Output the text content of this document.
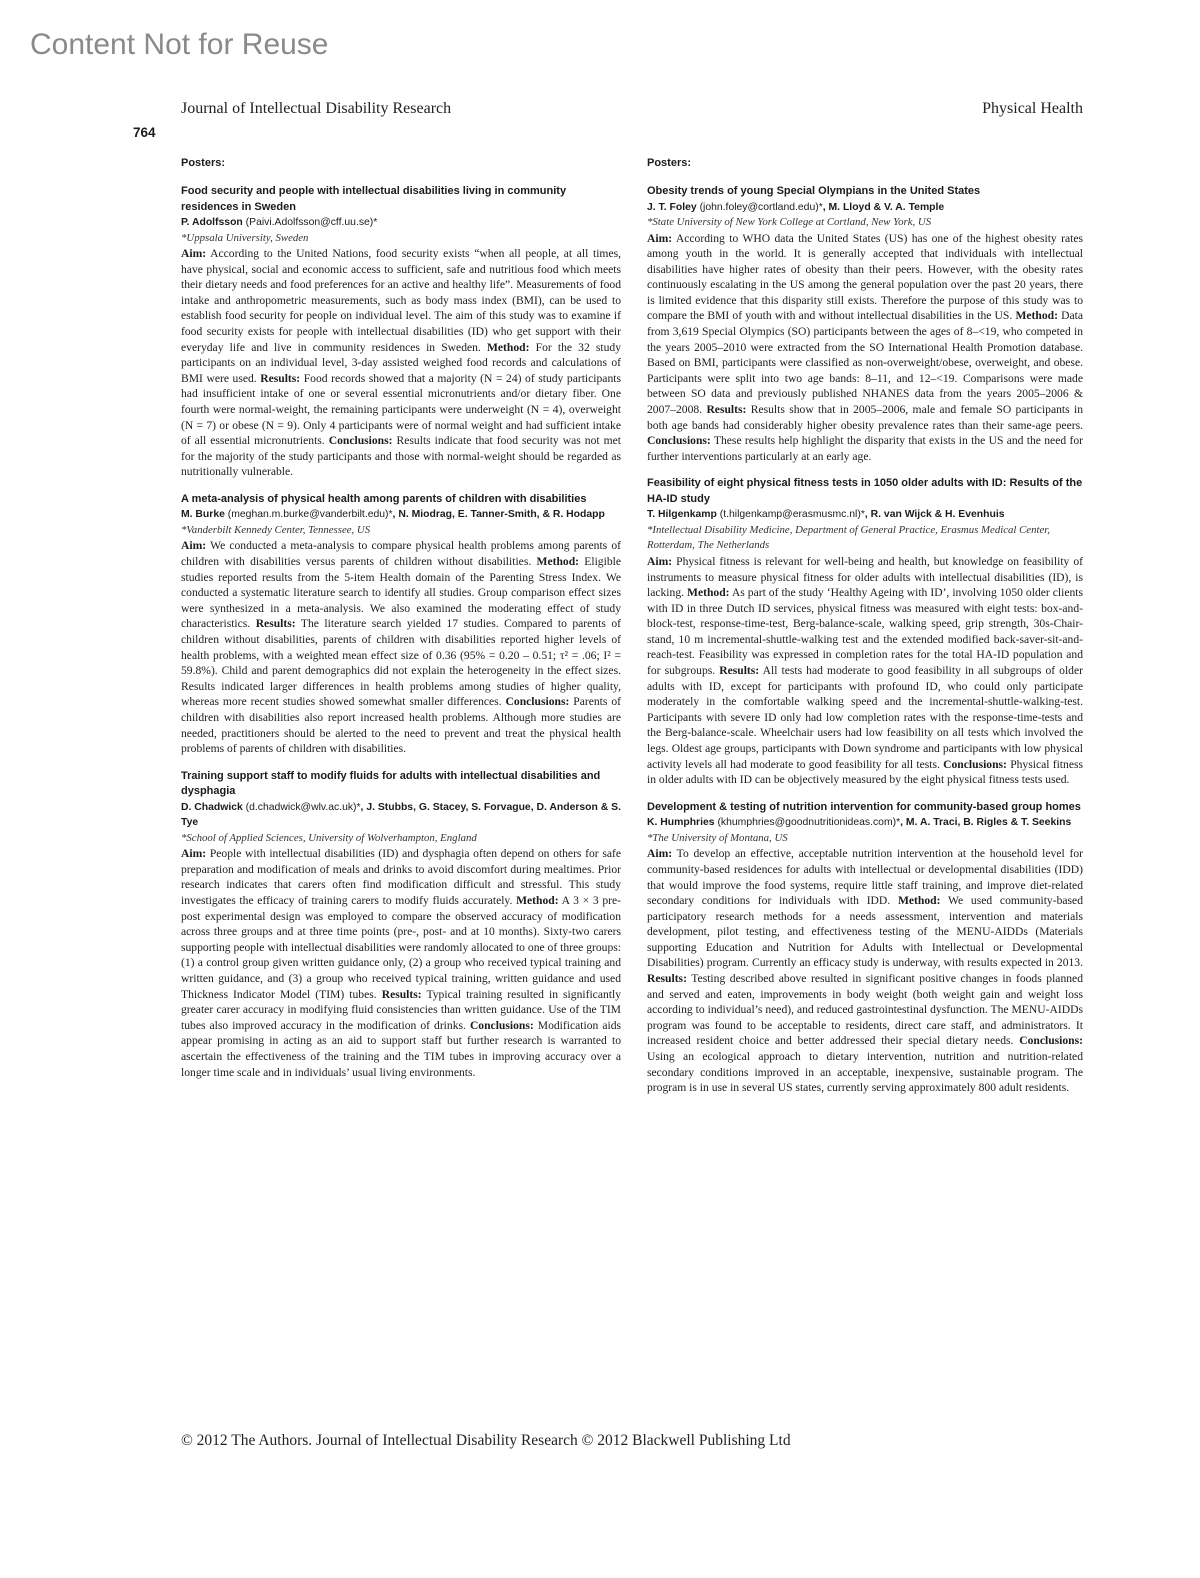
Content Not for Reuse
Journal of Intellectual Disability Research	Physical Health
764
Posters:
Food security and people with intellectual disabilities living in community residences in Sweden
P. Adolfsson (Paivi.Adolfsson@cff.uu.se)*
*Uppsala University, Sweden
Aim: According to the United Nations, food security exists “when all people, at all times, have physical, social and economic access to sufficient, safe and nutritious food which meets their dietary needs and food preferences for an active and healthy life”. Measurements of food intake and anthropometric measurements, such as body mass index (BMI), can be used to establish food security for people on individual level. The aim of this study was to examine if food security exists for people with intellectual disabilities (ID) who get support with their everyday life and live in community residences in Sweden. Method: For the 32 study participants on an individual level, 3-day assisted weighed food records and calculations of BMI were used. Results: Food records showed that a majority (N = 24) of study participants had insufficient intake of one or several essential micronutrients and/or dietary fiber. One fourth were normal-weight, the remaining participants were underweight (N = 4), overweight (N = 7) or obese (N = 9). Only 4 participants were of normal weight and had sufficient intake of all essential micronutrients. Conclusions: Results indicate that food security was not met for the majority of the study participants and those with normal-weight should be regarded as nutritionally vulnerable.
A meta-analysis of physical health among parents of children with disabilities
M. Burke (meghan.m.burke@vanderbilt.edu)*, N. Miodrag, E. Tanner-Smith, & R. Hodapp
*Vanderbilt Kennedy Center, Tennessee, US
Aim: We conducted a meta-analysis to compare physical health problems among parents of children with disabilities versus parents of children without disabilities. Method: Eligible studies reported results from the 5-item Health domain of the Parenting Stress Index. We conducted a systematic literature search to identify all studies. Group comparison effect sizes were synthesized in a meta-analysis. We also examined the moderating effect of study characteristics. Results: The literature search yielded 17 studies. Compared to parents of children without disabilities, parents of children with disabilities reported higher levels of health problems, with a weighted mean effect size of 0.36 (95% = 0.20 – 0.51; τ² = .06; I² = 59.8%). Child and parent demographics did not explain the heterogeneity in the effect sizes. Results indicated larger differences in health problems among studies of higher quality, whereas more recent studies showed somewhat smaller differences. Conclusions: Parents of children with disabilities also report increased health problems. Although more studies are needed, practitioners should be alerted to the need to prevent and treat the physical health problems of parents of children with disabilities.
Training support staff to modify fluids for adults with intellectual disabilities and dysphagia
D. Chadwick (d.chadwick@wlv.ac.uk)*, J. Stubbs, G. Stacey, S. Forvague, D. Anderson & S. Tye
*School of Applied Sciences, University of Wolverhampton, England
Aim: People with intellectual disabilities (ID) and dysphagia often depend on others for safe preparation and modification of meals and drinks to avoid discomfort during mealtimes. Prior research indicates that carers often find modification difficult and stressful. This study investigates the efficacy of training carers to modify fluids accurately. Method: A 3 × 3 pre-post experimental design was employed to compare the observed accuracy of modification across three groups and at three time points (pre-, post- and at 10 months). Sixty-two carers supporting people with intellectual disabilities were randomly allocated to one of three groups: (1) a control group given written guidance only, (2) a group who received typical training and written guidance, and (3) a group who received typical training, written guidance and used Thickness Indicator Model (TIM) tubes. Results: Typical training resulted in significantly greater carer accuracy in modifying fluid consistencies than written guidance. Use of the TIM tubes also improved accuracy in the modification of drinks. Conclusions: Modification aids appear promising in acting as an aid to support staff but further research is warranted to ascertain the effectiveness of the training and the TIM tubes in improving accuracy over a longer time scale and in individuals’ usual living environments.
Posters:
Obesity trends of young Special Olympians in the United States
J. T. Foley (john.foley@cortland.edu)*, M. Lloyd & V. A. Temple
*State University of New York College at Cortland, New York, US
Aim: According to WHO data the United States (US) has one of the highest obesity rates among youth in the world. It is generally accepted that individuals with intellectual disabilities have higher rates of obesity than their peers. However, with the obesity rates continuously escalating in the US among the general population over the past 20 years, there is limited evidence that this disparity still exists. Therefore the purpose of this study was to compare the BMI of youth with and without intellectual disabilities in the US. Method: Data from 3,619 Special Olympics (SO) participants between the ages of 8–<19, who competed in the years 2005–2010 were extracted from the SO International Health Promotion database. Based on BMI, participants were classified as non-overweight/obese, overweight, and obese. Participants were split into two age bands: 8–11, and 12–<19. Comparisons were made between SO data and previously published NHANES data from the years 2005–2006 & 2007–2008. Results: Results show that in 2005–2006, male and female SO participants in both age bands had considerably higher obesity prevalence rates than their same-age peers. Conclusions: These results help highlight the disparity that exists in the US and the need for further interventions particularly at an early age.
Feasibility of eight physical fitness tests in 1050 older adults with ID: Results of the HA-ID study
T. Hilgenkamp (t.hilgenkamp@erasmusmc.nl)*, R. van Wijck & H. Evenhuis
*Intellectual Disability Medicine, Department of General Practice, Erasmus Medical Center, Rotterdam, The Netherlands
Aim: Physical fitness is relevant for well-being and health, but knowledge on feasibility of instruments to measure physical fitness for older adults with intellectual disabilities (ID), is lacking. Method: As part of the study ‘Healthy Ageing with ID’, involving 1050 older clients with ID in three Dutch ID services, physical fitness was measured with eight tests: box-and-block-test, response-time-test, Berg-balance-scale, walking speed, grip strength, 30s-Chair-stand, 10 m incremental-shuttle-walking test and the extended modified back-saver-sit-and-reach-test. Feasibility was expressed in completion rates for the total HA-ID population and for subgroups. Results: All tests had moderate to good feasibility in all subgroups of older adults with ID, except for participants with profound ID, who could only participate moderately in the comfortable walking speed and the incremental-shuttle-walking-test. Participants with severe ID only had low completion rates with the response-time-tests and the Berg-balance-scale. Wheelchair users had low feasibility on all tests which involved the legs. Oldest age groups, participants with Down syndrome and participants with low physical activity levels all had moderate to good feasibility for all tests. Conclusions: Physical fitness in older adults with ID can be objectively measured by the eight physical fitness tests used.
Development & testing of nutrition intervention for community-based group homes
K. Humphries (khumphries@goodnutritionideas.com)*, M. A. Traci, B. Rigles & T. Seekins
*The University of Montana, US
Aim: To develop an effective, acceptable nutrition intervention at the household level for community-based residences for adults with intellectual or developmental disabilities (IDD) that would improve the food systems, require little staff training, and improve diet-related secondary conditions for individuals with IDD. Method: We used community-based participatory research methods for a needs assessment, intervention and materials development, pilot testing, and effectiveness testing of the MENU-AIDDs (Materials supporting Education and Nutrition for Adults with Intellectual or Developmental Disabilities) program. Currently an efficacy study is underway, with results expected in 2013. Results: Testing described above resulted in significant positive changes in foods planned and served and eaten, improvements in body weight (both weight gain and weight loss according to individual’s need), and reduced gastrointestinal dysfunction. The MENU-AIDDs program was found to be acceptable to residents, direct care staff, and administrators. It increased resident choice and better addressed their special dietary needs. Conclusions: Using an ecological approach to dietary intervention, nutrition and nutrition-related secondary conditions improved in an acceptable, inexpensive, sustainable program. The program is in use in several US states, currently serving approximately 800 adult residents.
© 2012 The Authors. Journal of Intellectual Disability Research © 2012 Blackwell Publishing Ltd
